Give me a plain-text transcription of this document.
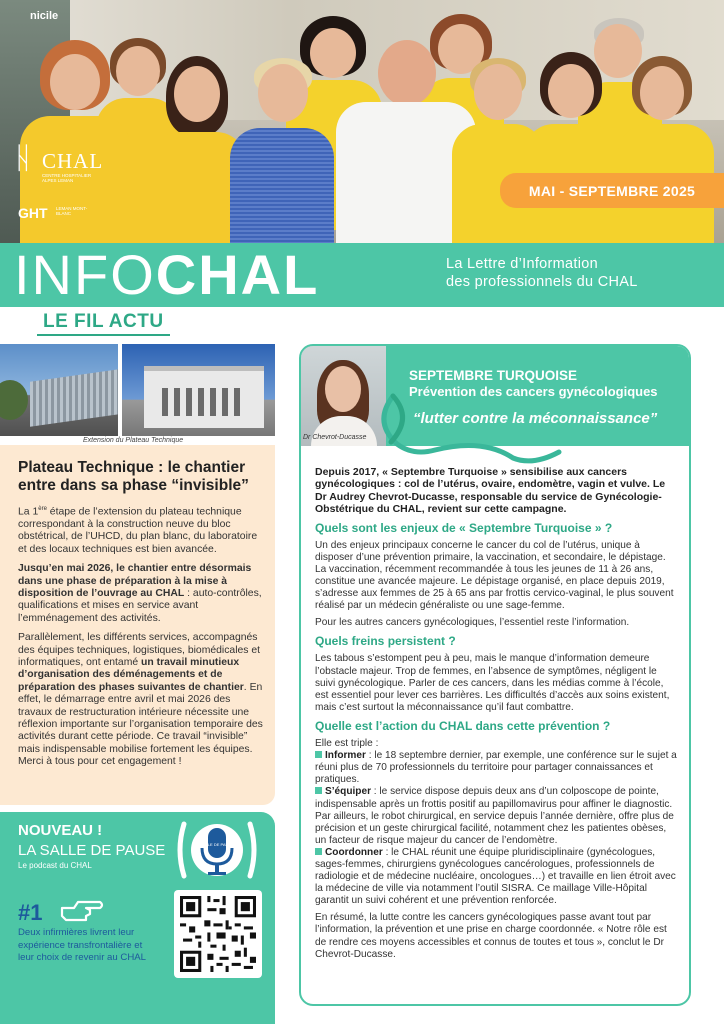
nicile
ᚺ CHAL
CENTRE HOSPITALIER ALPES LEMAN
GHT LEMAN MONT-BLANC
MAI - SEPTEMBRE 2025
INFOCHAL	La Lettre d’Information
des professionnels du CHAL
LE FIL ACTU
Extension du Plateau Technique
Plateau Technique : le chantier entre dans sa phase “invisible”

La 1ère étape de l’extension du plateau technique correspondant à la construction neuve du bloc obstétrical, de l’UHCD, du plan blanc, du laboratoire et des locaux techniques est bien avancée.

Jusqu’en mai 2026, le chantier entre désormais dans une phase de préparation à la mise à disposition de l’ouvrage au CHAL : auto-contrôles, qualifications et mises en service avant l’emménagement des activités.

Parallèlement, les différents services, accompagnés des équipes techniques, logistiques, biomédicales et informatiques, ont entamé un travail minutieux d’organisation des déménagements et de préparation des phases suivantes de chantier. En effet, le démarrage entre avril et mai 2026 des travaux de restructuration intérieure nécessite une réflexion importante sur l’organisation temporaire des activités durant cette période. Ce travail “invisible” mais indispensable mobilise fortement les équipes. Merci à tous pour cet engagement !

NOUVEAU !
LA SALLE DE PAUSE
Le podcast du CHAL
SALLE DE PAUSE
#1
Deux infirmières livrent leur expérience transfrontalière et leur choix de revenir au CHAL
Dr Chevrot-Ducasse
SEPTEMBRE TURQUOISE
Prévention des cancers gynécologiques
“lutter contre la méconnaissance”

Depuis 2017, « Septembre Turquoise » sensibilise aux cancers gynécologiques : col de l’utérus, ovaire, endomètre, vagin et vulve. Le Dr Audrey Chevrot-Ducasse, responsable du service de Gynécologie-Obstétrique du CHAL, revient sur cette campagne.

Quels sont les enjeux de « Septembre Turquoise » ?

Un des enjeux principaux concerne le cancer du col de l’utérus, unique à disposer d’une prévention primaire, la vaccination, et secondaire, le dépistage. La vaccination, récemment recommandée à tous les jeunes de 11 à 26 ans, constitue une avancée majeure. Le dépistage organisé, en place depuis 2019, s’adresse aux femmes de 25 à 65 ans par frottis cervico-vaginal, le plus souvent réalisé par un médecin généraliste ou une sage-femme.

Pour les autres cancers gynécologiques, l’essentiel reste l’information.

Quels freins persistent ?

Les tabous s’estompent peu à peu, mais le manque d’information demeure l’obstacle majeur. Trop de femmes, en l’absence de symptômes, négligent le suivi gynécologique. Parler de ces cancers, dans les médias comme à l’école, est essentiel pour lever ces barrières. Les difficultés d’accès aux soins existent, mais c’est surtout la méconnaissance qu’il faut combattre.

Quelle est l’action du CHAL dans cette prévention ?
Elle est triple :
Informer : le 18 septembre dernier, par exemple, une conférence sur le sujet a réuni plus de 70 professionnels du territoire pour partager connaissances et pratiques.
S’équiper : le service dispose depuis deux ans d’un colposcope de pointe, indispensable après un frottis positif au papillomavirus pour affiner le diagnostic. Par ailleurs, le robot chirurgical, en service depuis l’année dernière, offre plus de précision et un geste chirurgical facilité, notamment chez les patientes obèses, un facteur de risque majeur du cancer de l’endomètre.

Coordonner : le CHAL réunit une équipe pluridisciplinaire (gynécologues, sages-femmes, chirurgiens gynécologues cancérologues, professionnels de radiologie et de médecine nucléaire, oncologues…) et travaille en lien étroit avec la médecine de ville via notamment l’outil SISRA. Ce maillage Ville-Hôpital garantit un suivi cohérent et une prévention renforcée.

En résumé, la lutte contre les cancers gynécologiques passe avant tout par l’information, la prévention et une prise en charge coordonnée. « Notre rôle est de rendre ces moyens accessibles et connus de toutes et tous », conclut le Dr Chevrot-Ducasse.
